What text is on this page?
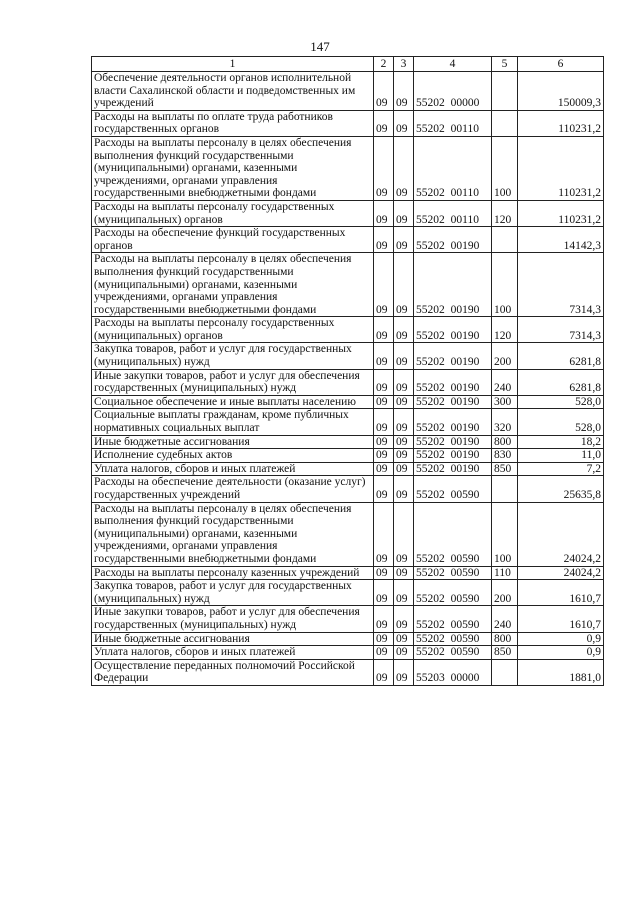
147
1	2	3	4	5	6
Обеспечение деятельности органов исполнительной власти Сахалинской области и подведомственных им учреждений	09	09	55202 00000		150009,3
Расходы на выплаты по оплате труда работников государственных органов	09	09	55202 00110		110231,2
Расходы на выплаты персоналу в целях обеспечения выполнения функций государственными (муниципальными) органами, казенными учреждениями, органами управления государственными внебюджетными фондами	09	09	55202 00110	100	110231,2
Расходы на выплаты персоналу государственных (муниципальных) органов	09	09	55202 00110	120	110231,2
Расходы на обеспечение функций государственных органов	09	09	55202 00190		14142,3
Расходы на выплаты персоналу в целях обеспечения выполнения функций государственными (муниципальными) органами, казенными учреждениями, органами управления государственными внебюджетными фондами	09	09	55202 00190	100	7314,3
Расходы на выплаты персоналу государственных (муниципальных) органов	09	09	55202 00190	120	7314,3
Закупка товаров, работ и услуг для государственных (муниципальных) нужд	09	09	55202 00190	200	6281,8
Иные закупки товаров, работ и услуг для обеспечения государственных (муниципальных) нужд	09	09	55202 00190	240	6281,8
Социальное обеспечение и иные выплаты населению	09	09	55202 00190	300	528,0
Социальные выплаты гражданам, кроме публичных нормативных социальных выплат	09	09	55202 00190	320	528,0
Иные бюджетные ассигнования	09	09	55202 00190	800	18,2
Исполнение судебных актов	09	09	55202 00190	830	11,0
Уплата налогов, сборов и иных платежей	09	09	55202 00190	850	7,2
Расходы на обеспечение деятельности (оказание услуг) государственных учреждений	09	09	55202 00590		25635,8
Расходы на выплаты персоналу в целях обеспечения выполнения функций государственными (муниципальными) органами, казенными учреждениями, органами управления государственными внебюджетными фондами	09	09	55202 00590	100	24024,2
Расходы на выплаты персоналу казенных учреждений	09	09	55202 00590	110	24024,2
Закупка товаров, работ и услуг для государственных (муниципальных) нужд	09	09	55202 00590	200	1610,7
Иные закупки товаров, работ и услуг для обеспечения государственных (муниципальных) нужд	09	09	55202 00590	240	1610,7
Иные бюджетные ассигнования	09	09	55202 00590	800	0,9
Уплата налогов, сборов и иных платежей	09	09	55202 00590	850	0,9
Осуществление переданных полномочий Российской Федерации	09	09	55203 00000		1881,0
